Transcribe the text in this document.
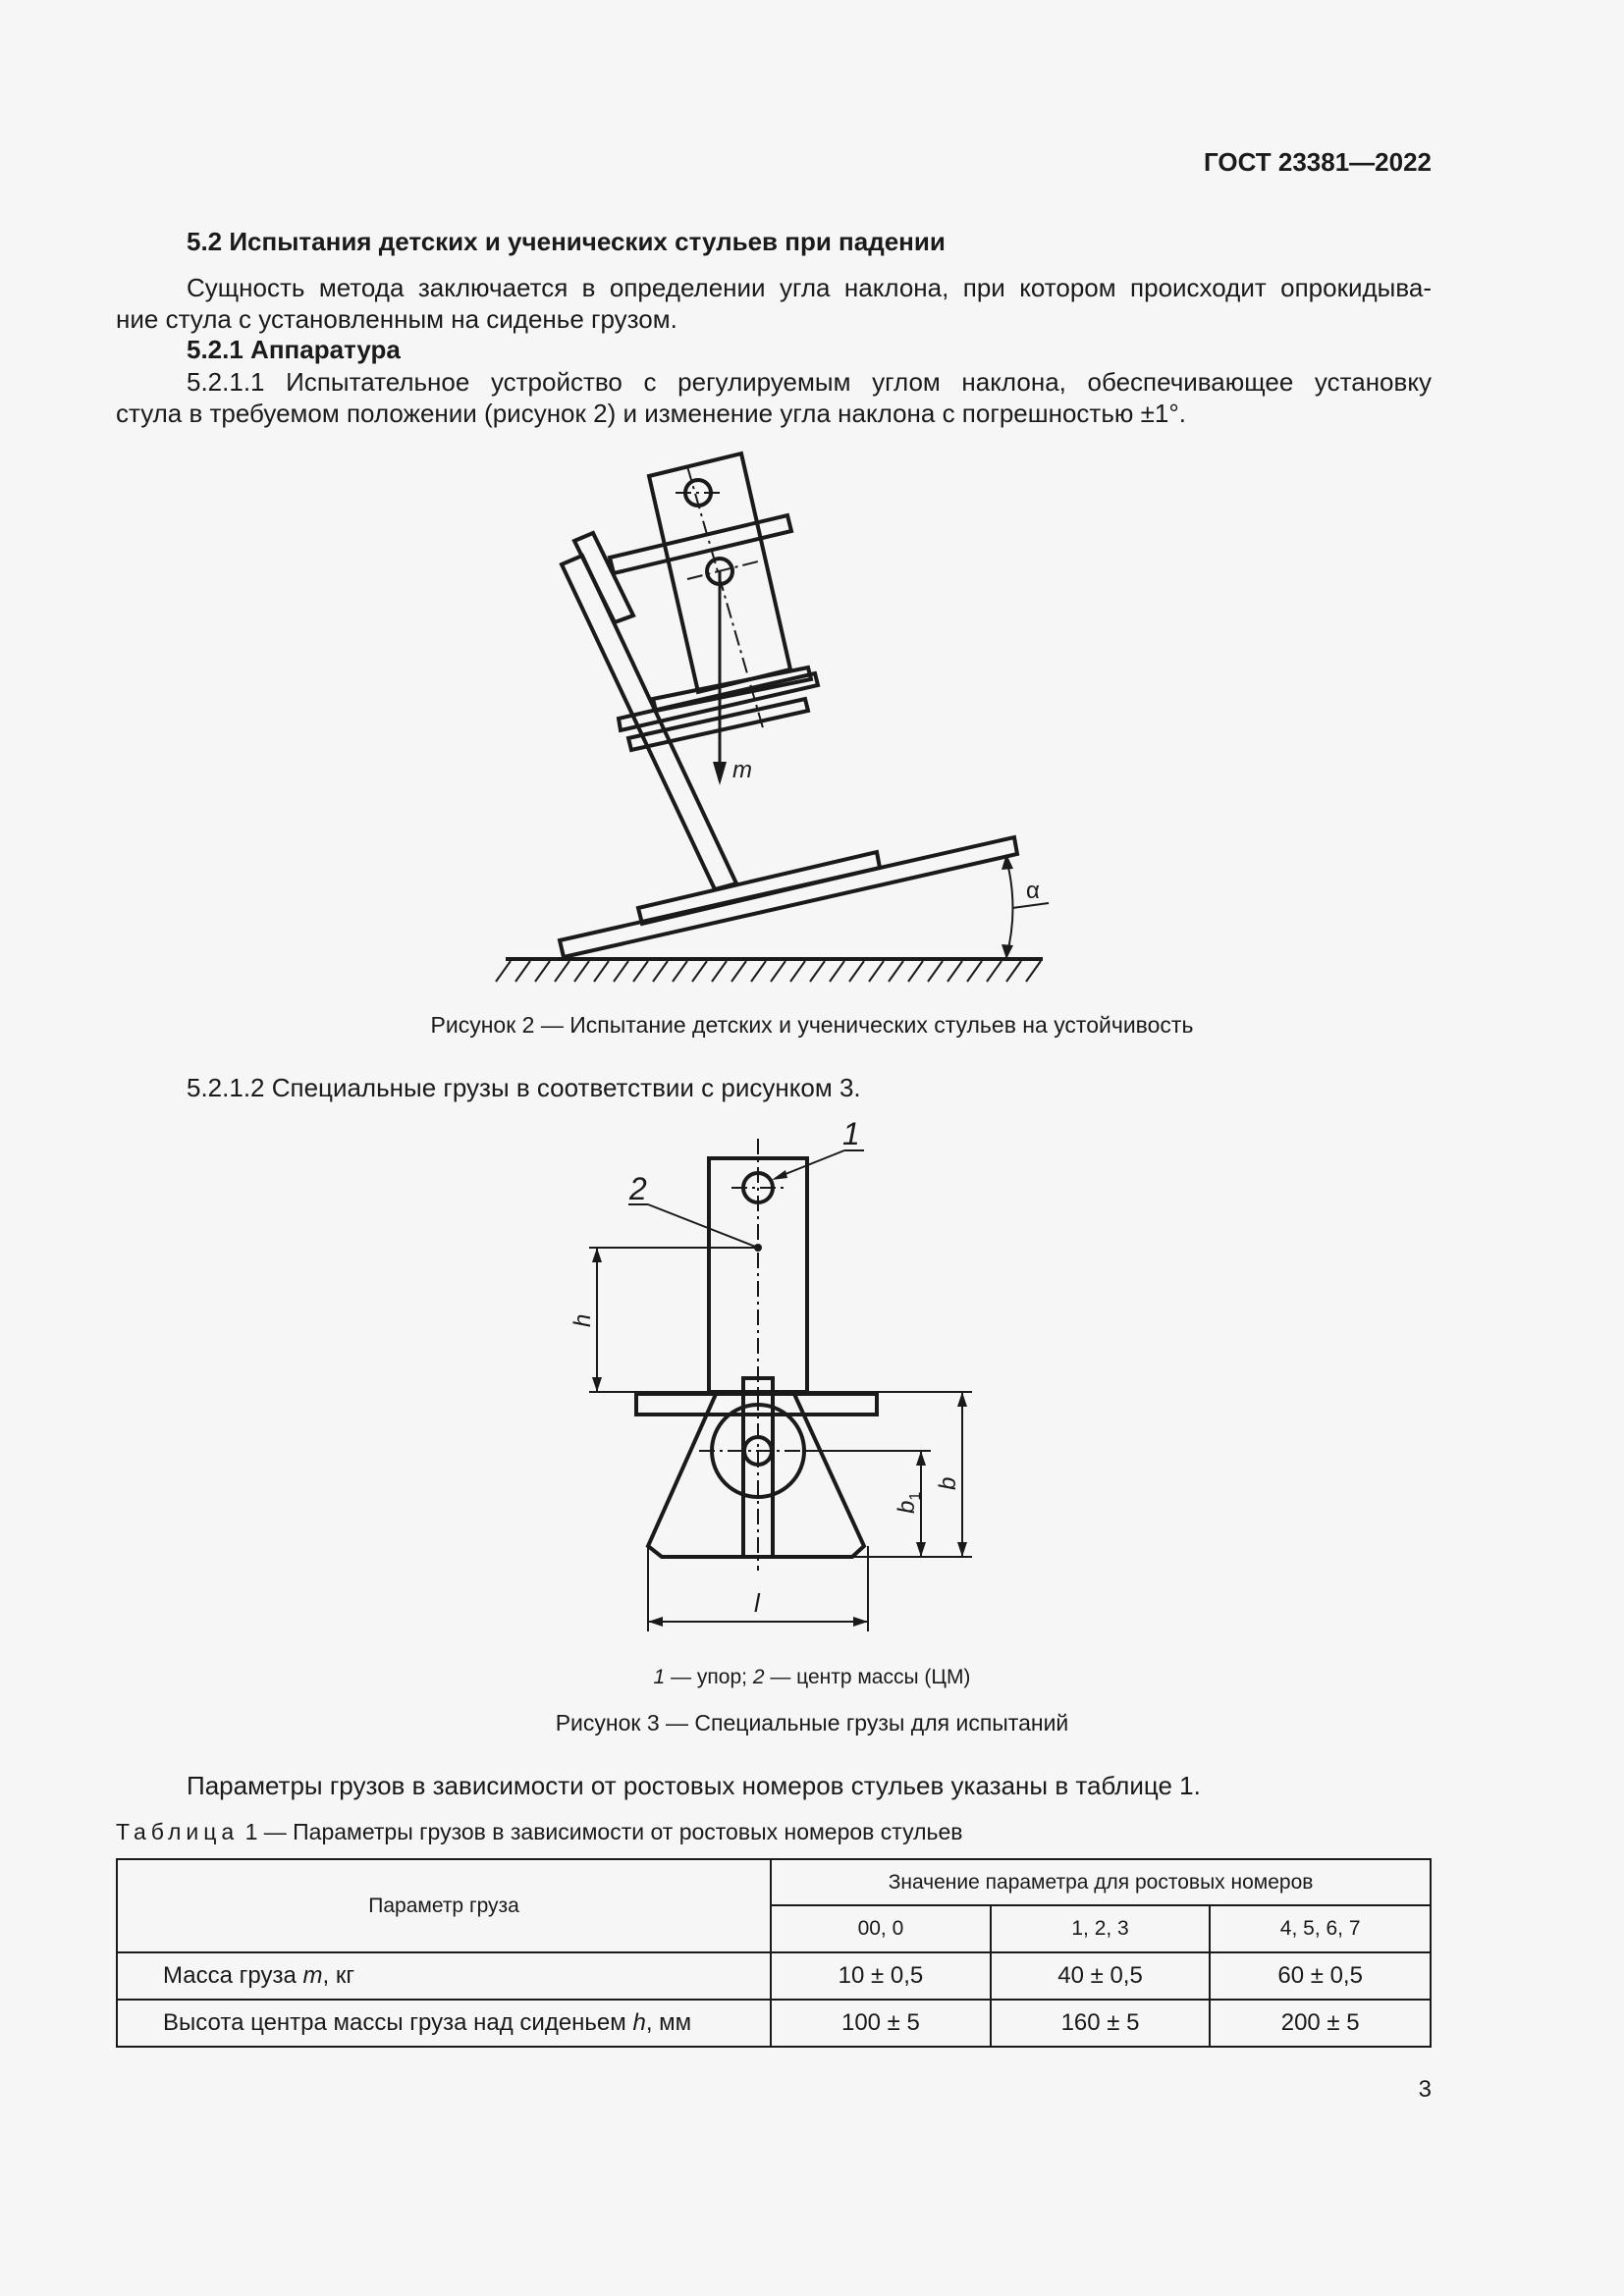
ГОСТ 23381—2022
5.2 Испытания детских и ученических стульев при падении
Сущность метода заключается в определении угла наклона, при котором происходит опрокидыва-
ние стула с установленным на сиденье грузом.
5.2.1 Аппаратура
5.2.1.1 Испытательное устройство с регулируемым углом наклона, обеспечивающее установку
стула в требуемом положении (рисунок 2) и изменение угла наклона с погрешностью ±1°.
m
α
Рисунок 2 — Испытание детских и ученических стульев на устойчивость
5.2.1.2 Специальные грузы в соответствии с рисунком 3.
1
2
h
b
$b_1$
l
1 — упор; 2 — центр массы (ЦМ)
Рисунок 3 — Специальные грузы для испытаний
Параметры грузов в зависимости от ростовых номеров стульев указаны в таблице 1.
Таблица 1 — Параметры грузов в зависимости от ростовых номеров стульев
Параметр груза	Значение параметра для ростовых номеров		
	00, 0	1, 2, 3	4, 5, 6, 7
Масса груза m, кг	10 ± 0,5	40 ± 0,5	60 ± 0,5
Высота центра массы груза над сиденьем h, мм	100 ± 5	160 ± 5	200 ± 5
3
